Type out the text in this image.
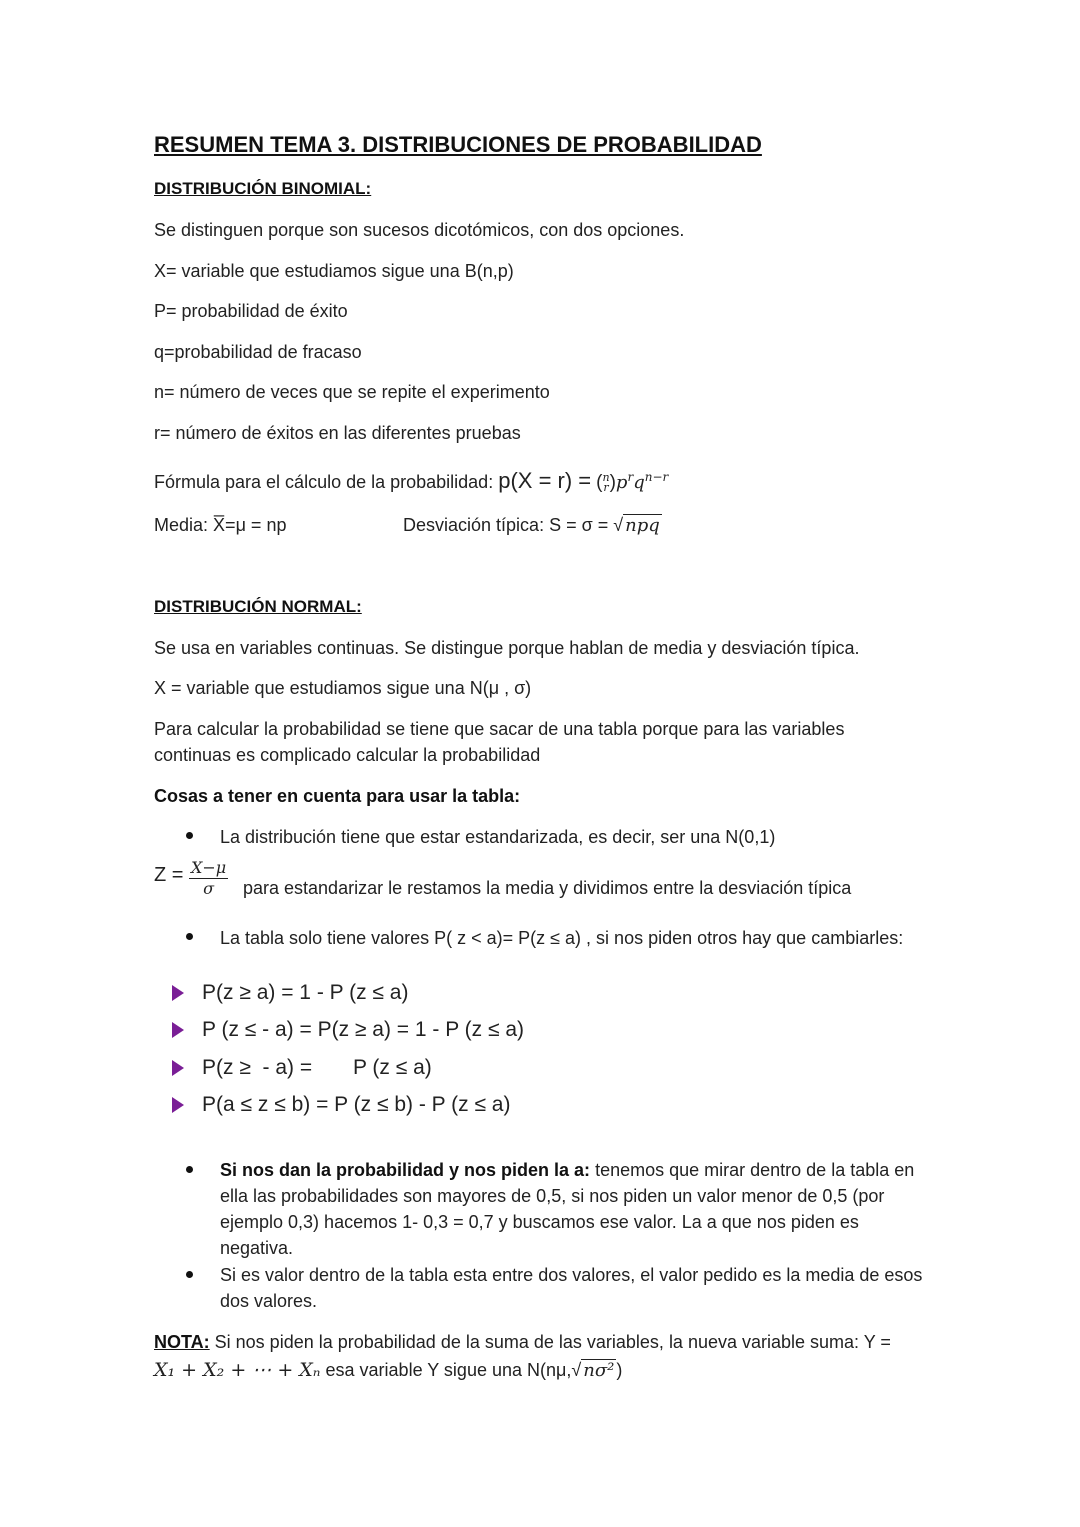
RESUMEN TEMA 3. DISTRIBUCIONES DE PROBABILIDAD
DISTRIBUCIÓN BINOMIAL:
Se distinguen porque son sucesos dicotómicos, con dos opciones.
X= variable que estudiamos sigue una B(n,p)
P= probabilidad de éxito
q=probabilidad de fracaso
n= número de veces que se repite el experimento
r= número de éxitos en las diferentes pruebas
Fórmula para el cálculo de la probabilidad: p(X = r) = ( n
r )$p^rq^{n-r}$
Media: X̅=μ = np	Desviación típica: S = σ = √ npq
DISTRIBUCIÓN NORMAL:
Se usa en variables continuas. Se distingue porque hablan de media y desviación típica.
X = variable que estudiamos sigue una N(μ , σ)
Para calcular la probabilidad se tiene que sacar de una tabla porque para las variables
continuas es complicado calcular la probabilidad
Cosas a tener en cuenta para usar la tabla:
La distribución tiene que estar estandarizada, es decir, ser una N(0,1)
$Z = \frac{X-\mu}{\sigma}$ para estandarizar le restamos la media y dividimos entre la desviación típica
La tabla solo tiene valores P( z < a)= P(z ≤ a) , si nos piden otros hay que cambiarles:
P(z ≥ a) = 1 - P (z ≤ a)
P (z ≤ - a) = P(z ≥ a) = 1 - P (z ≤ a)
P(z ≥  - a) =       P (z ≤ a)
P(a ≤ z ≤ b) = P (z ≤ b) - P (z ≤ a)
Si nos dan la probabilidad y nos piden la a: tenemos que mirar dentro de la tabla en
ella las probabilidades son mayores de 0,5, si nos piden un valor menor de 0,5 (por
ejemplo 0,3) hacemos 1- 0,3 = 0,7 y buscamos ese valor. La a que nos piden es
negativa.
Si es valor dentro de la tabla esta entre dos valores, el valor pedido es la media de esos
dos valores.
NOTA: Si nos piden la probabilidad de la suma de las variables, la nueva variable suma: Y =
X₁ + X₂ + ⋯ + Xₙ esa variable Y sigue una N(nμ,√ nσ² )
